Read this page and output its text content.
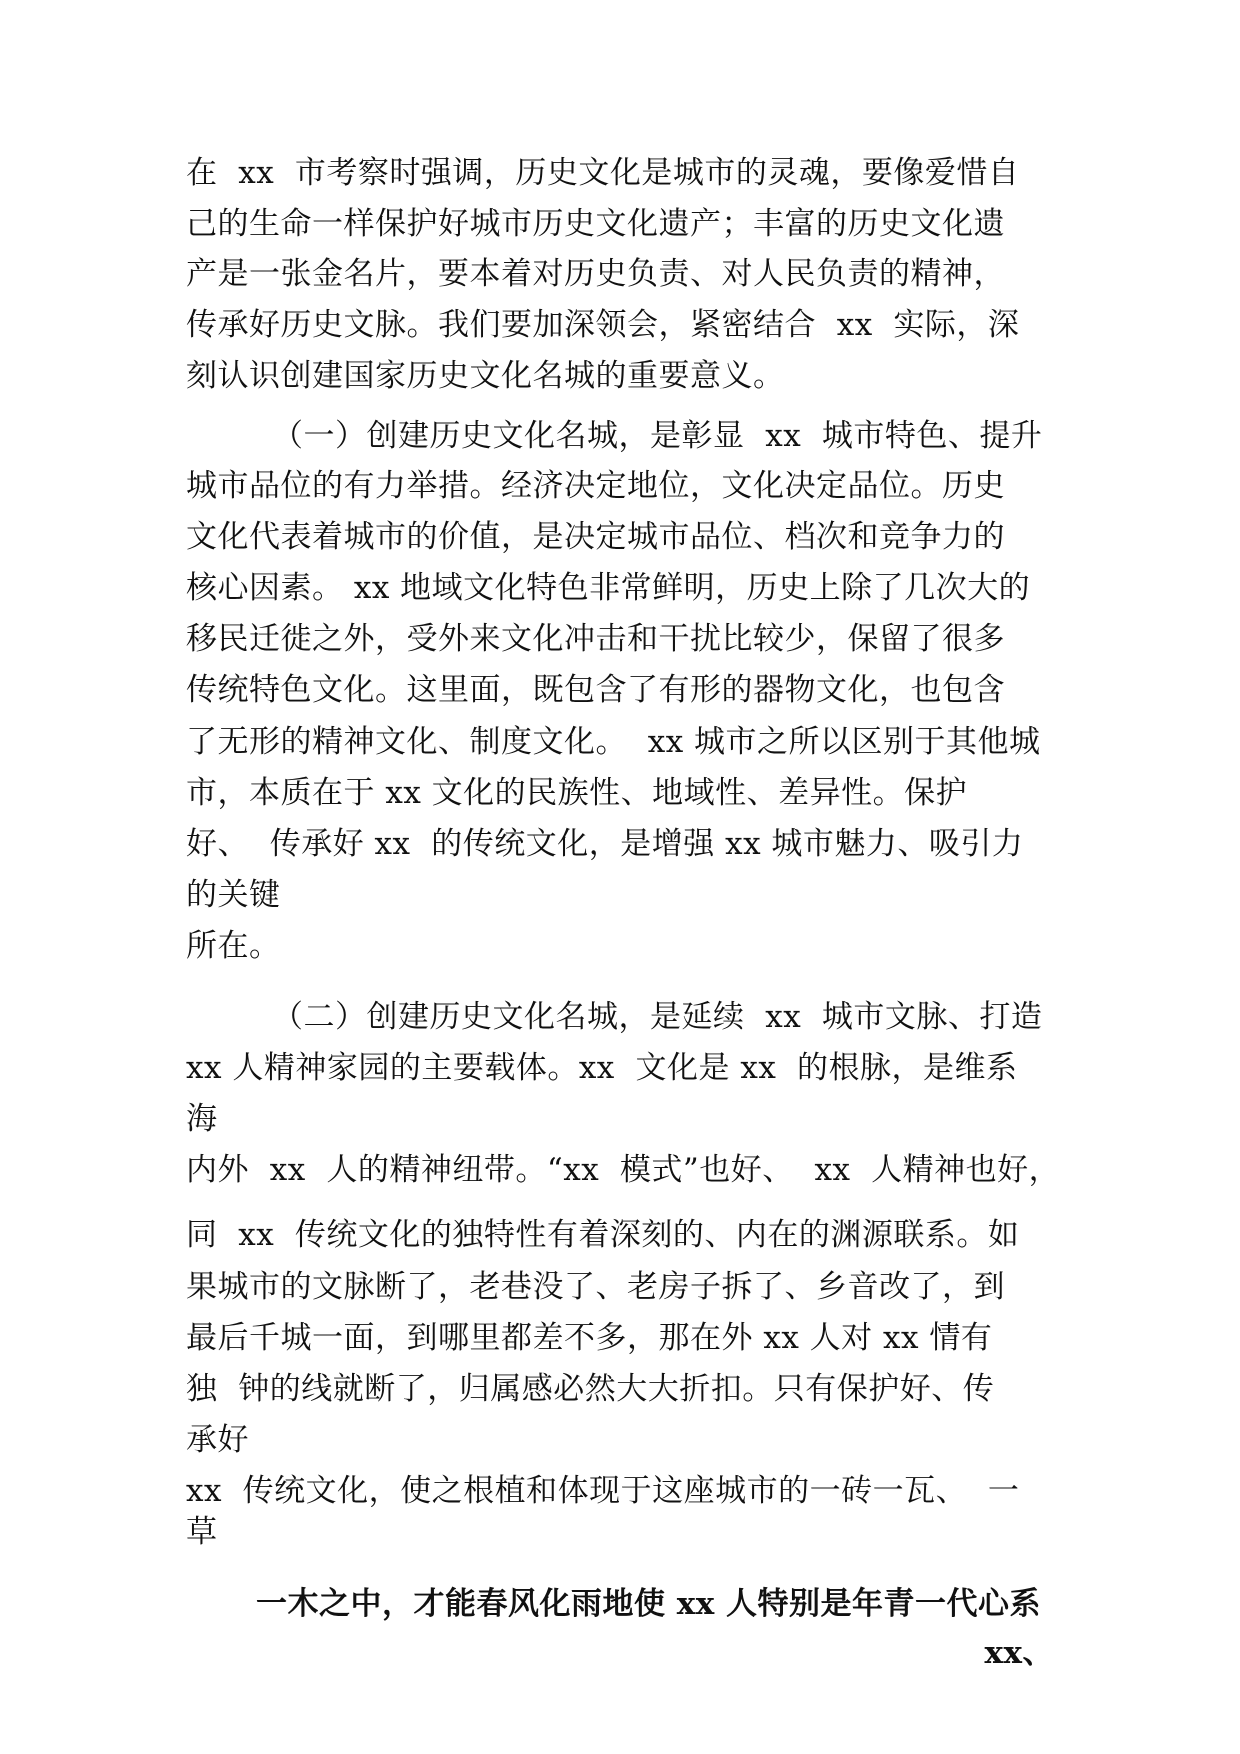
在  xx  市考察时强调，历史文化是城市的灵魂，要像爱惜自
己的生命一样保护好城市历史文化遗产；丰富的历史文化遗
产是一张金名片，要本着对历史负责、对人民负责的精神，
传承好历史文脉。我们要加深领会，紧密结合  xx  实际，深
刻认识创建国家历史文化名城的重要意义。
（一）创建历史文化名城，是彰显  xx  城市特色、提升
城市品位的有力举措。经济决定地位，文化决定品位。历史
文化代表着城市的价值，是决定城市品位、档次和竞争力的
核心因素。 xx 地域文化特色非常鲜明，历史上除了几次大的
移民迁徙之外，受外来文化冲击和干扰比较少，保留了很多
传统特色文化。这里面，既包含了有形的器物文化，也包含
了无形的精神文化、制度文化。  xx 城市之所以区别于其他城
市，本质在于 xx 文化的民族性、地域性、差异性。保护
好、  传承好 xx  的传统文化，是增强 xx 城市魅力、吸引力
的关键
所在。
（二）创建历史文化名城，是延续  xx  城市文脉、打造
xx 人精神家园的主要载体。xx  文化是 xx  的根脉，是维系
海
内外  xx  人的精神纽带。“xx  模式”也好、  xx  人精神也好，
同  xx  传统文化的独特性有着深刻的、内在的渊源联系。如
果城市的文脉断了，老巷没了、老房子拆了、乡音改了，到
最后千城一面，到哪里都差不多，那在外 xx 人对 xx 情有
独  钟的线就断了，归属感必然大大折扣。只有保护好、传
承好
xx  传统文化，使之根植和体现于这座城市的一砖一瓦、  一
草
一木之中，才能春风化雨地使 xx 人特别是年青一代心系
xx、
